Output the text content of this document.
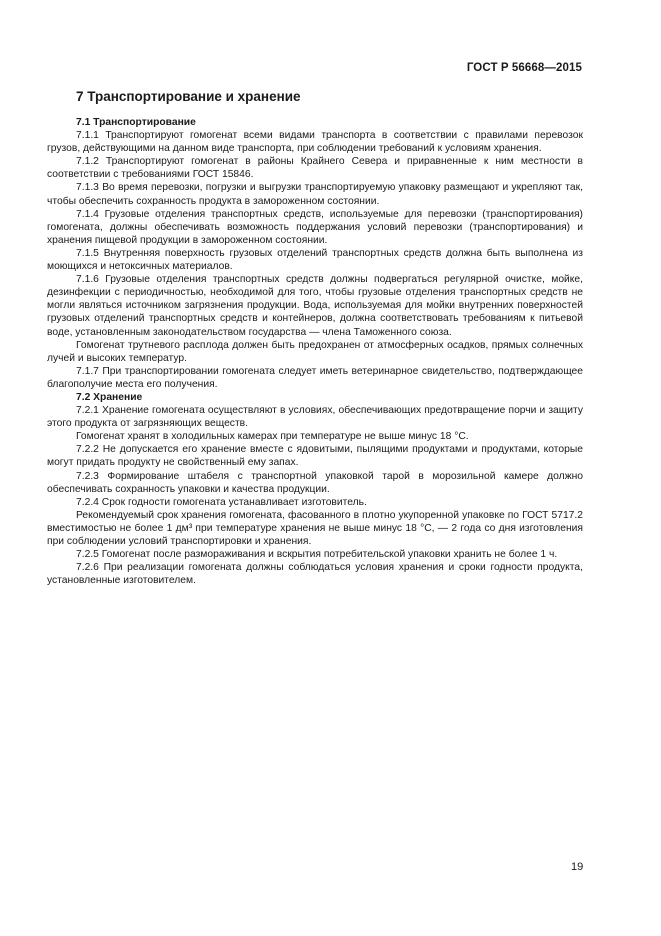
ГОСТ Р 56668—2015
7 Транспортирование и хранение

7.1 Транспортирование

7.1.1 Транспортируют гомогенат всеми видами транспорта в соответствии с правилами перевозок грузов, действующими на данном виде транспорта, при соблюдении требований к условиям хранения.

7.1.2 Транспортируют гомогенат в районы Крайнего Севера и приравненные к ним местности в соответствии с требованиями ГОСТ 15846.

7.1.3 Во время перевозки, погрузки и выгрузки транспортируемую упаковку размещают и укрепляют так, чтобы обеспечить сохранность продукта в замороженном состоянии.

7.1.4 Грузовые отделения транспортных средств, используемые для перевозки (транспортирования) гомогената, должны обеспечивать возможность поддержания условий перевозки (транспортирования) и хранения пищевой продукции в замороженном состоянии.

7.1.5 Внутренняя поверхность грузовых отделений транспортных средств должна быть выполнена из моющихся и нетоксичных материалов.

7.1.6 Грузовые отделения транспортных средств должны подвергаться регулярной очистке, мойке, дезинфекции с периодичностью, необходимой для того, чтобы грузовые отделения транспортных средств не могли являться источником загрязнения продукции. Вода, используемая для мойки внутренних поверхностей грузовых отделений транспортных средств и контейнеров, должна соответствовать требованиям к питьевой воде, установленным законодательством государства — члена Таможенного союза.

Гомогенат трутневого расплода должен быть предохранен от атмосферных осадков, прямых солнечных лучей и высоких температур.

7.1.7 При транспортировании гомогената следует иметь ветеринарное свидетельство, подтверждающее благополучие места его получения.

7.2 Хранение

7.2.1 Хранение гомогената осуществляют в условиях, обеспечивающих предотвращение порчи и защиту этого продукта от загрязняющих веществ.

Гомогенат хранят в холодильных камерах при температуре не выше минус 18 °С.

7.2.2 Не допускается его хранение вместе с ядовитыми, пылящими продуктами и продуктами, которые могут придать продукту не свойственный ему запах.

7.2.3 Формирование штабеля с транспортной упаковкой тарой в морозильной камере должно обеспечивать сохранность упаковки и качества продукции.

7.2.4 Срок годности гомогената устанавливает изготовитель.

Рекомендуемый срок хранения гомогената, фасованного в плотно укупоренной упаковке по ГОСТ 5717.2 вместимостью не более 1 дм³ при температуре хранения не выше минус 18 °С, — 2 года со дня изготовления при соблюдении условий транспортировки и хранения.

7.2.5 Гомогенат после размораживания и вскрытия потребительской упаковки хранить не более 1 ч.

7.2.6 При реализации гомогената должны соблюдаться условия хранения и сроки годности продукта, установленные изготовителем.

19
